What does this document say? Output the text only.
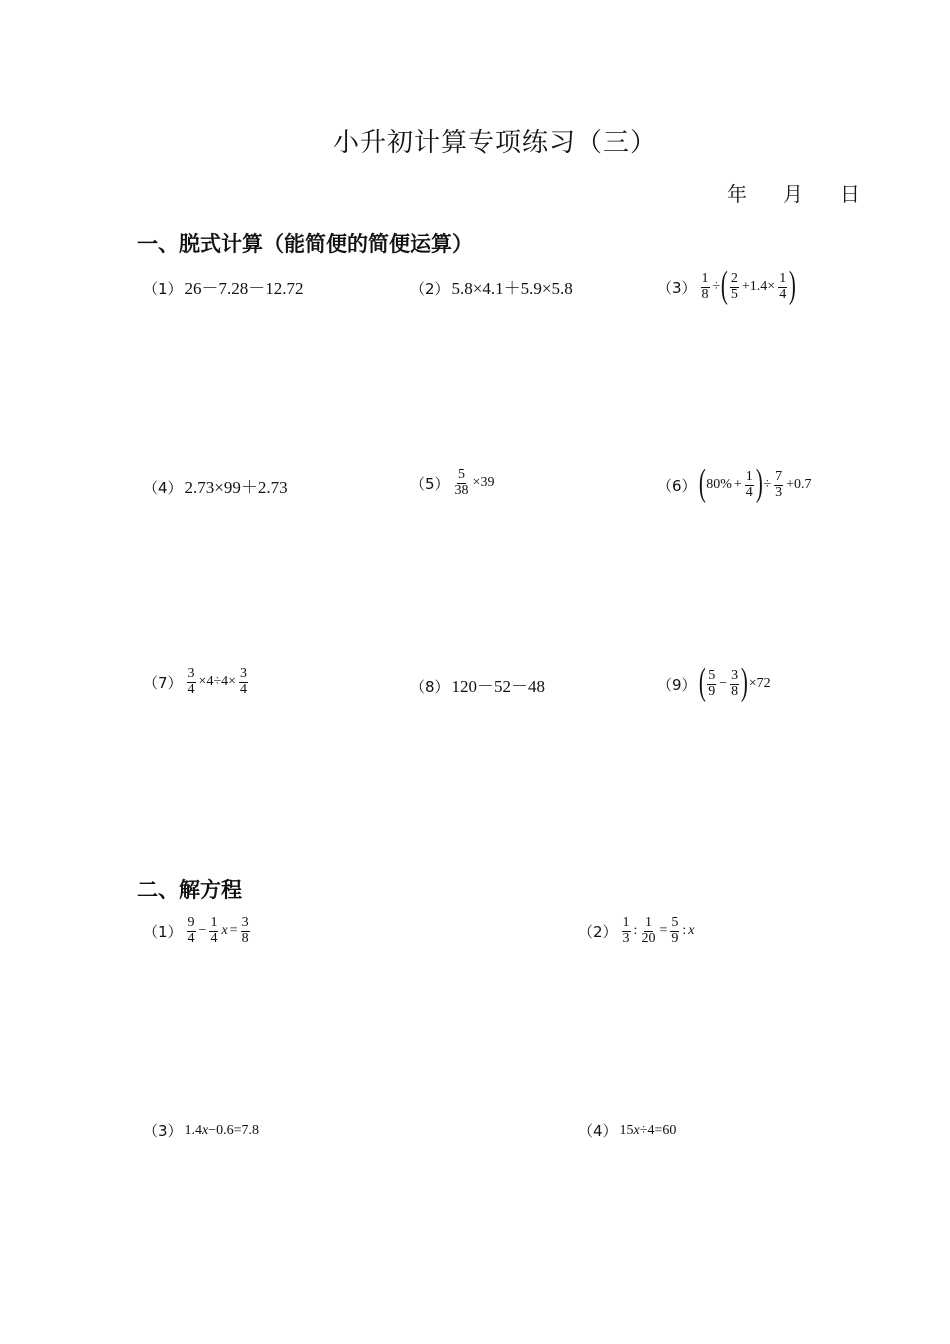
小升初计算专项练习（三）
年 月 日
一、脱式计算（能简便的简便运算）
（1） 26－7.28－12.72	（2） 5.8×4.1＋5.9×5.8	$(3) \frac{1}{8}$ ÷ ( $\frac{2}{5} +1.4\times \frac{1}{4}$ )
（4） 2.73×99＋2.73	$(5) \frac{5}{38} \times 39$	（6） ( $80\% + \frac{1}{4}$ ) ÷ $\frac{7}{3} +0.7$
$(7) \frac{3}{4} \times 4\div 4\times \frac{3}{4}$	（8） 120－52－48	（9） ( $\frac{5}{9} - \frac{3}{8}$ ) ×72
二、解方程
$(1) \frac{9}{4} - \frac{1}{4}$ $x = \frac{3}{8}$	$(2) \frac{1}{3}$ : $\frac{1}{20} = \frac{5}{9}$ : x
（3） 1.4 x −0.6=7.8	（4） 15 x ÷4=60
